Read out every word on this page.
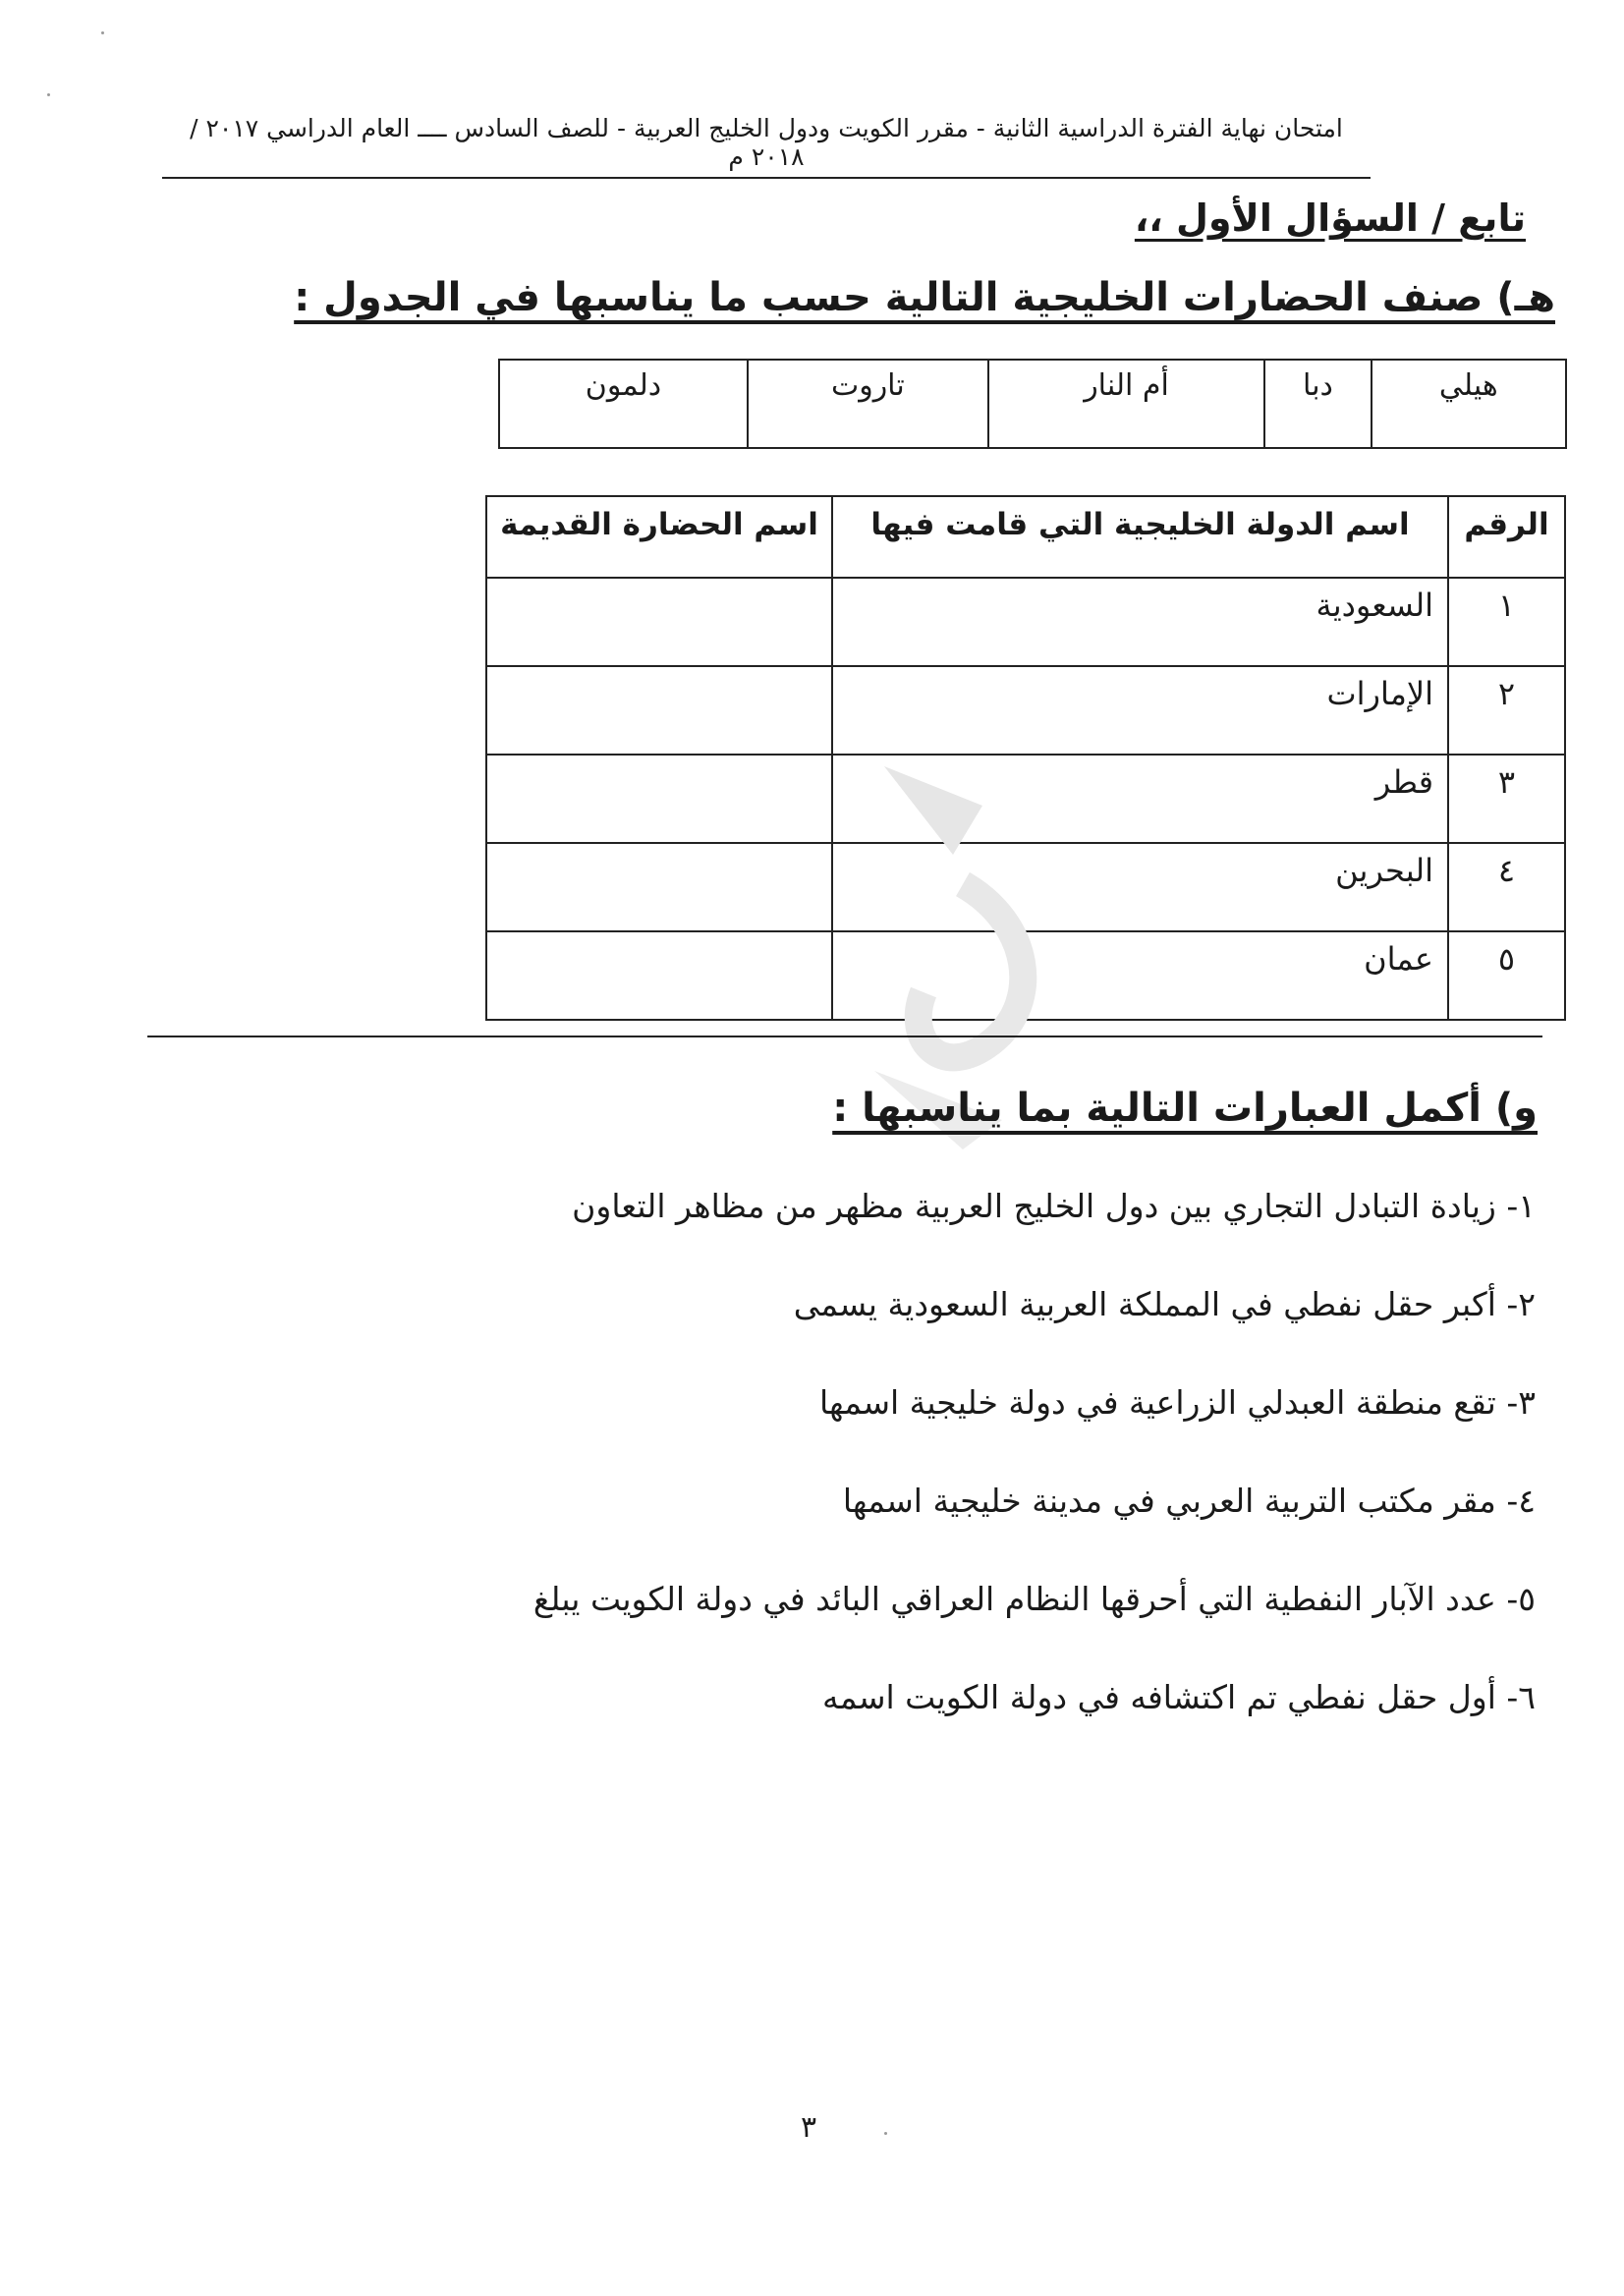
امتحان نهاية الفترة الدراسية الثانية - مقرر الكويت ودول الخليج العربية - للصف السادس ــــ العام الدراسي ٢٠١٧ / ٢٠١٨ م
تابع / السؤال الأول ،،
هـ) صنف الحضارات الخليجية التالية حسب ما يناسبها في الجدول :
هيلي	دبا	أم النار	تاروت	دلمون
الرقم	اسم الدولة الخليجية التي قامت فيها	اسم الحضارة القديمة
١	السعودية	
٢	الإمارات	
٣	قطر	
٤	البحرين	
٥	عمان	
و) أكمل العبارات التالية بما يناسبها :
١- زيادة التبادل التجاري بين دول الخليج العربية مظهر من مظاهر التعاون
٢- أكبر حقل نفطي في المملكة العربية السعودية يسمى
٣- تقع منطقة العبدلي الزراعية في دولة خليجية اسمها
٤- مقر مكتب التربية العربي في مدينة خليجية اسمها
٥- عدد الآبار النفطية التي أحرقها النظام العراقي البائد في دولة الكويت يبلغ
٦- أول حقل نفطي تم اكتشافه في دولة الكويت اسمه
٣
